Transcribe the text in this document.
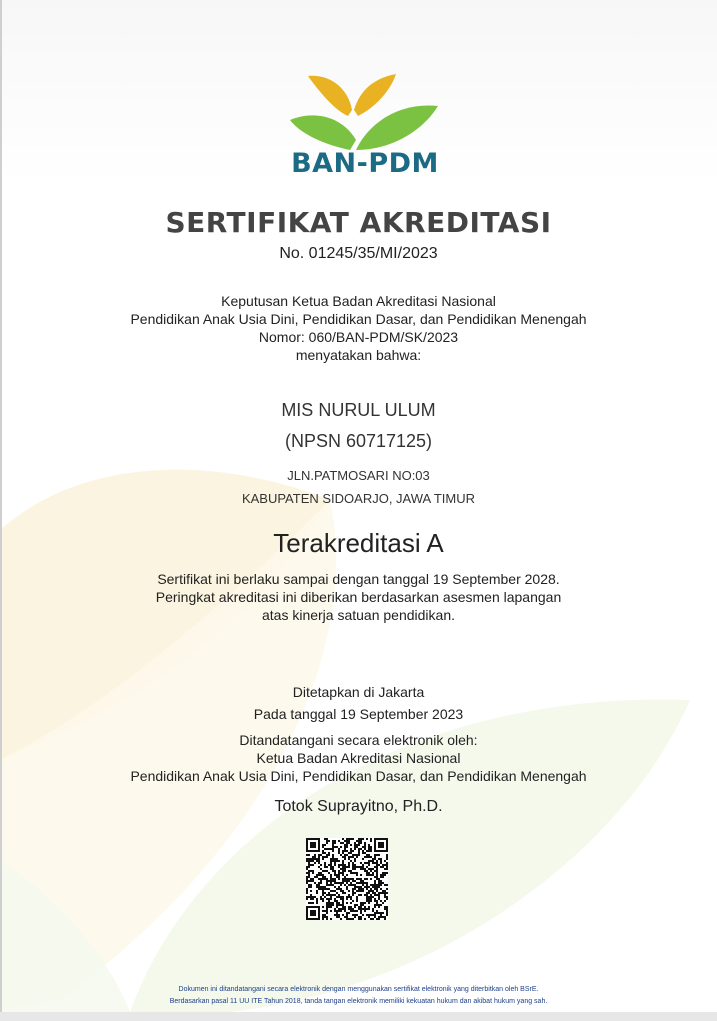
BAN-PDM
SERTIFIKAT AKREDITASI
No. 01245/35/MI/2023
Keputusan Ketua Badan Akreditasi Nasional
Pendidikan Anak Usia Dini, Pendidikan Dasar, dan Pendidikan Menengah
Nomor: 060/BAN-PDM/SK/2023
menyatakan bahwa:
MIS NURUL ULUM
(NPSN 60717125)
JLN.PATMOSARI NO:03
KABUPATEN SIDOARJO, JAWA TIMUR
Terakreditasi A
Sertifikat ini berlaku sampai dengan tanggal 19 September 2028.
Peringkat akreditasi ini diberikan berdasarkan asesmen lapangan
atas kinerja satuan pendidikan.
Ditetapkan di Jakarta
Pada tanggal 19 September 2023
Ditandatangani secara elektronik oleh:
Ketua Badan Akreditasi Nasional
Pendidikan Anak Usia Dini, Pendidikan Dasar, dan Pendidikan Menengah
Totok Suprayitno, Ph.D.
Dokumen ini ditandatangani secara elektronik dengan menggunakan sertifikat elektronik yang diterbitkan oleh BSrE.
Berdasarkan pasal 11 UU ITE Tahun 2018, tanda tangan elektronik memiliki kekuatan hukum dan akibat hukum yang sah.
